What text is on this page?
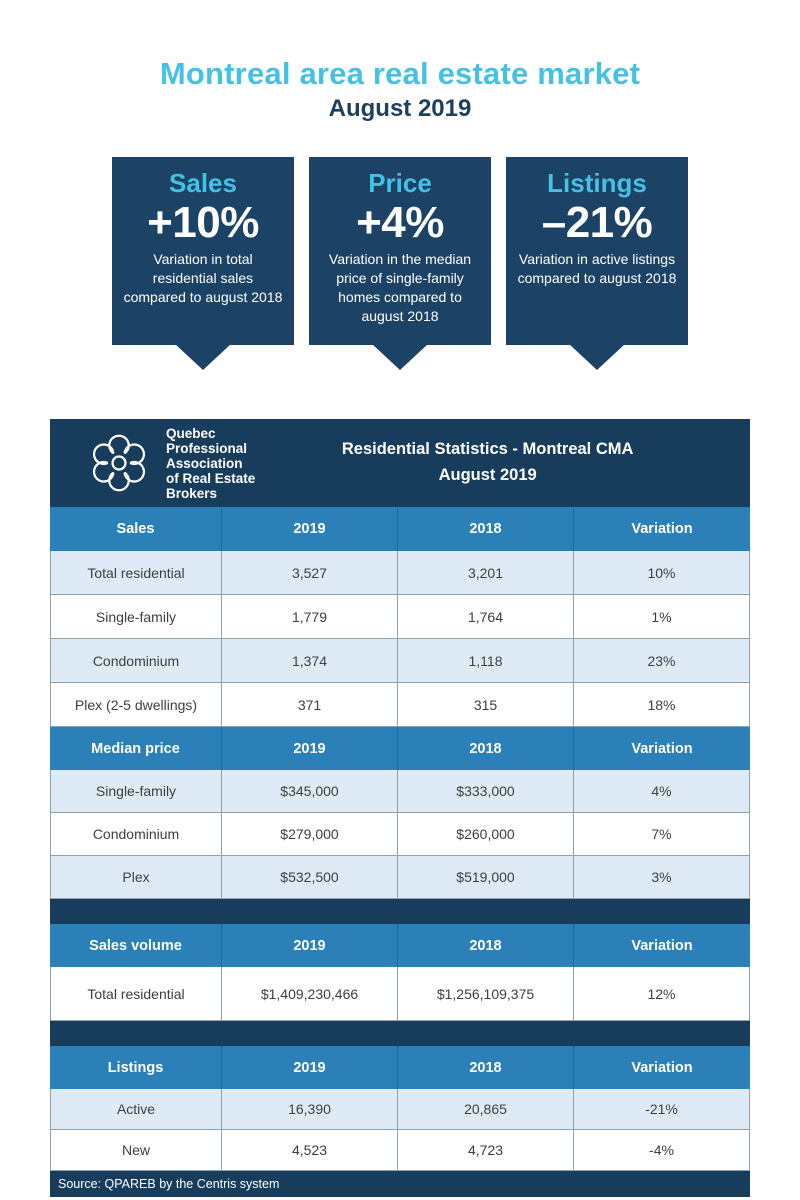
Montreal area real estate market
August 2019
Sales
+10%
Variation in total residential sales compared to august 2018
Price
+4%
Variation in the median price of single-family homes compared to august 2018
Listings
–21%
Variation in active listings compared to august 2018
Quebec
Professional
Association
of Real Estate
Brokers
Residential Statistics - Montreal CMA
August 2019
Sales	2019	2018	Variation
Total residential	3,527	3,201	10%
Single-family	1,779	1,764	1%
Condominium	1,374	1,118	23%
Plex (2-5 dwellings)	371	315	18%
Median price	2019	2018	Variation
Single-family	$345,000	$333,000	4%
Condominium	$279,000	$260,000	7%
Plex	$532,500	$519,000	3%
Sales volume	2019	2018	Variation
Total residential	$1,409,230,466	$1,256,109,375	12%
Listings	2019	2018	Variation
Active	16,390	20,865	-21%
New	4,523	4,723	-4%
Source: QPAREB by the Centris system
